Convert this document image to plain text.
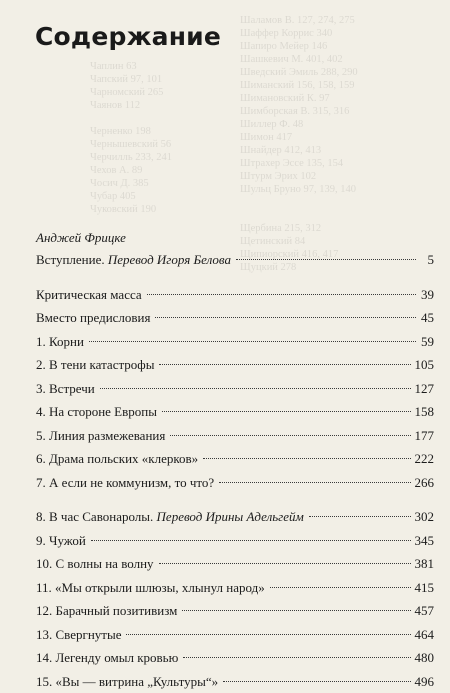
Шаламов В. 127, 274, 275
Шаффер Коррис 340
Шапиро Мейер 146
Шашкевич М. 401, 402
Шведский Эмиль 288, 290
Шиманский 156, 158, 159
Шимановский К. 97
Шимборская В. 315, 316
Шиллер Ф. 48
Шимон 417
Шнайдер 412, 413
Штрахер Эссе 135, 154
Штурм Эрих 102
Шульц Бруно 97, 139, 140

Щербина 215, 312
Щетинский 84
Щипиорский 416, 417
Щуцкий 278
Чаплин 63
Чапский 97, 101
Чарномский 265
Чаянов 112

Черненко 198
Чернышевский 56
Черчилль 233, 241
Чехов А. 89
Чосич Д. 385
Чубар 405
Чуковский 190
Содержание
Анджей Фрицке
Вступление. Перевод Игоря Белова	5
Критическая масса	39
Вместо предисловия	45
1. Корни	59
2. В тени катастрофы	105
3. Встречи	127
4. На стороне Европы	158
5. Линия размежевания	177
6. Драма польских «клерков»	222
7. А если не коммунизм, то что?	266
8. В час Савонаролы. Перевод Ирины Адельгейм	302
9. Чужой	345
10. С волны на волну	381
11. «Мы открыли шлюзы, хлынул народ»	415
12. Барачный позитивизм	457
13. Свергнутые	464
14. Легенду омыл кровью	480
15. «Вы — витрина „Культуры“»	496
